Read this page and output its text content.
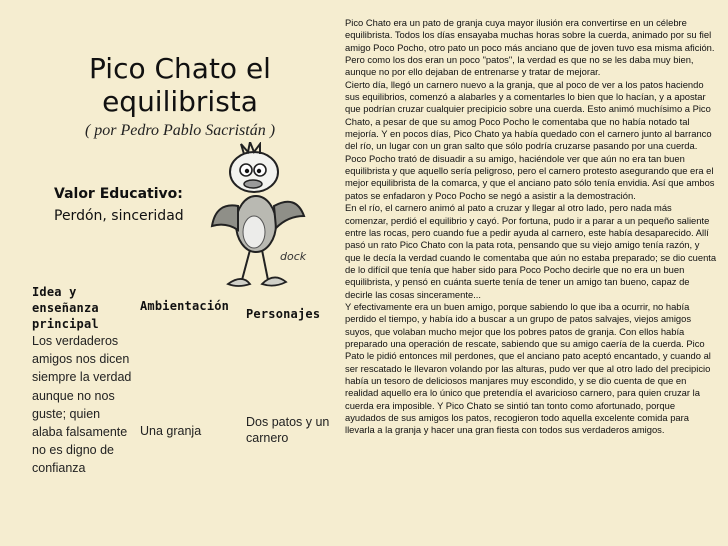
Pico Chato el equilibrista

( por Pedro Pablo Sacristán )

Valor Educativo:
Perdón, sinceridad
dock

Pico Chato era un pato de granja cuya mayor ilusión era convertirse en un célebre equilibrista. Todos los días ensayaba muchas horas sobre la cuerda, animado por su fiel amigo Poco Pocho, otro pato un poco más anciano que de joven tuvo esa misma afición. Pero como los dos eran un poco "patos", la verdad es que no se les daba muy bien, aunque no por ello dejaban de entrenarse y tratar de mejorar.
Cierto día, llegó un carnero nuevo a la granja, que al poco de ver a los patos haciendo sus equilibrios, comenzó a alabarles y a comentarles lo bien que lo hacían, y a apostar que podrían cruzar cualquier precipicio sobre una cuerda. Esto animó muchísimo a Pico Chato, a pesar de que su amog Poco Pocho le comentaba que no había notado tal mejoría. Y en pocos días, Pico Chato ya había quedado con el carnero junto al barranco del río, un lugar con un gran salto que sólo podría cruzarse pasando por una cuerda.
Poco Pocho trató de disuadir a su amigo, haciéndole ver que aún no era tan buen equilibrista y que aquello sería peligroso, pero el carnero protesto asegurando que era el mejor equilibrista de la comarca, y que el anciano pato sólo tenía envidia. Así que ambos patos se enfadaron y Poco Pocho se negó a asistir a la demostración.
En el río, el carnero animó al pato a cruzar y llegar al otro lado, pero nada más comenzar, perdió el equilibrio y cayó. Por fortuna, pudo ir a parar a un pequeño saliente entre las rocas, pero cuando fue a pedir ayuda al carnero, este había desaparecido. Allí pasó un rato Pico Chato con la pata rota, pensando que su viejo amigo tenía razón, y que le decía la verdad cuando le comentaba que aún no estaba preparado; se dio cuenta de lo difícil que tenía que haber sido para Poco Pocho decirle que no era un buen equilibrista, y pensó en cuánta suerte tenía de tener un amigo tan bueno, capaz de decirle las cosas sinceramente...
Y efectivamente era un buen amigo, porque sabiendo lo que iba a ocurrir, no había perdido el tiempo, y había ido a buscar a un grupo de patos salvajes, viejos amigos suyos, que volaban mucho mejor que los pobres patos de granja. Con ellos había preparado una operación de rescate, sabiendo que su amigo caería de la cuerda. Pico Pato le pidió entonces mil perdones, que el anciano pato aceptó encantado, y cuando al ser rescatado le llevaron volando por las alturas, pudo ver que al otro lado del precipicio había un tesoro de deliciosos manjares muy escondido, y se dio cuenta de que en realidad aquello era lo único que pretendía el avaricioso carnero, para quien cruzar la cuerda era imposible. Y Pico Chato se sintió tan tonto como afortunado, porque ayudados de sus amigos los patos, recogieron todo aquella excelente comida para llevarla a la granja y hacer una gran fiesta con todos sus verdaderos amigos.

Idea y enseñanza principal
Los verdaderos amigos nos dicen siempre la verdad aunque no nos guste; quien alaba falsamente no es digno de confianza
Ambientación
Una granja
Personajes
Dos patos y un carnero
